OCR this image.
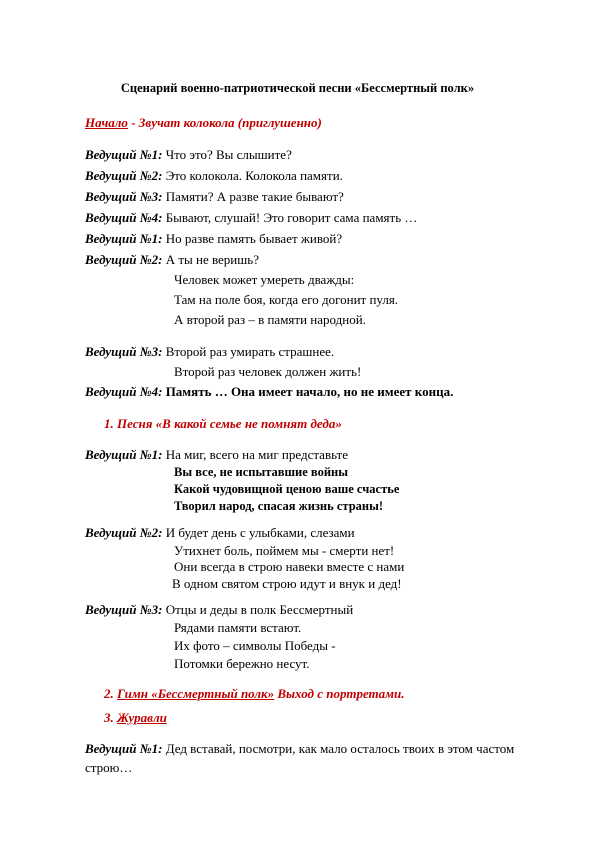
Сценарий военно-патриотической песни «Бессмертный полк»
Начало - Звучат колокола (приглушенно)
Ведущий №1: Что это? Вы слышите?
Ведущий №2: Это колокола. Колокола памяти.
Ведущий №3: Памяти? А разве такие бывают?
Ведущий №4: Бывают, слушай! Это говорит сама память …
Ведущий №1: Но разве память бывает живой?
Ведущий №2: А ты не веришь?
Человек может умереть дважды:
Там на поле боя, когда его догонит пуля.
А второй раз – в памяти народной.
Ведущий №3: Второй раз умирать страшнее.
Второй раз человек должен жить!
Ведущий №4: Память … Она имеет начало, но не имеет конца.
1. Песня «В какой семье не помнят деда»
Ведущий №1: На миг, всего на миг представьте
Вы все, не испытавшие войны
Какой чудовищной ценою ваше счастье
Творил народ, спасая жизнь страны!
Ведущий №2: И будет день с улыбками, слезами
Утихнет боль, поймем мы - смерти нет!
Они всегда в строю навеки вместе с нами
В одном святом строю идут и внук и дед!
Ведущий №3: Отцы и деды в полк Бессмертный
Рядами памяти встают.
Их фото – символы Победы -
Потомки бережно несут.
2. Гимн «Бессмертный полк» Выход с портретами.
3. Журавли
Ведущий №1: Дед вставай, посмотри, как мало осталось твоих в этом частом
строю…
